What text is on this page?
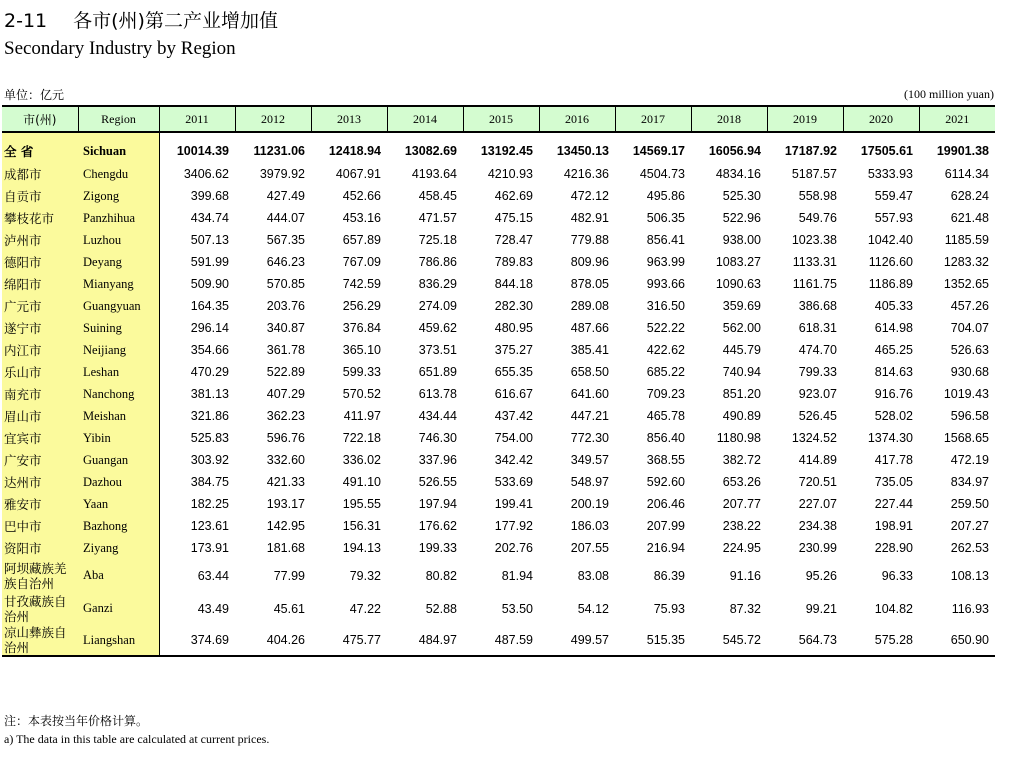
2-11 各市(州)第二产业增加值
Secondary Industry by Region
单位：亿元	(100 million yuan)
市(州)	Region	2011	2012	2013	2014	2015	2016	2017	2018	2019	2020	2021

全 省	Sichuan	10014.39	11231.06	12418.94	13082.69	13192.45	13450.13	14569.17	16056.94	17187.92	17505.61	19901.38
成都市	Chengdu	3406.62	3979.92	4067.91	4193.64	4210.93	4216.36	4504.73	4834.16	5187.57	5333.93	6114.34
自贡市	Zigong	399.68	427.49	452.66	458.45	462.69	472.12	495.86	525.30	558.98	559.47	628.24
攀枝花市	Panzhihua	434.74	444.07	453.16	471.57	475.15	482.91	506.35	522.96	549.76	557.93	621.48
泸州市	Luzhou	507.13	567.35	657.89	725.18	728.47	779.88	856.41	938.00	1023.38	1042.40	1185.59
德阳市	Deyang	591.99	646.23	767.09	786.86	789.83	809.96	963.99	1083.27	1133.31	1126.60	1283.32
绵阳市	Mianyang	509.90	570.85	742.59	836.29	844.18	878.05	993.66	1090.63	1161.75	1186.89	1352.65
广元市	Guangyuan	164.35	203.76	256.29	274.09	282.30	289.08	316.50	359.69	386.68	405.33	457.26
遂宁市	Suining	296.14	340.87	376.84	459.62	480.95	487.66	522.22	562.00	618.31	614.98	704.07
内江市	Neijiang	354.66	361.78	365.10	373.51	375.27	385.41	422.62	445.79	474.70	465.25	526.63
乐山市	Leshan	470.29	522.89	599.33	651.89	655.35	658.50	685.22	740.94	799.33	814.63	930.68
南充市	Nanchong	381.13	407.29	570.52	613.78	616.67	641.60	709.23	851.20	923.07	916.76	1019.43
眉山市	Meishan	321.86	362.23	411.97	434.44	437.42	447.21	465.78	490.89	526.45	528.02	596.58
宜宾市	Yibin	525.83	596.76	722.18	746.30	754.00	772.30	856.40	1180.98	1324.52	1374.30	1568.65
广安市	Guangan	303.92	332.60	336.02	337.96	342.42	349.57	368.55	382.72	414.89	417.78	472.19
达州市	Dazhou	384.75	421.33	491.10	526.55	533.69	548.97	592.60	653.26	720.51	735.05	834.97
雅安市	Yaan	182.25	193.17	195.55	197.94	199.41	200.19	206.46	207.77	227.07	227.44	259.50
巴中市	Bazhong	123.61	142.95	156.31	176.62	177.92	186.03	207.99	238.22	234.38	198.91	207.27
资阳市	Ziyang	173.91	181.68	194.13	199.33	202.76	207.55	216.94	224.95	230.99	228.90	262.53
阿坝藏族羌族自治州	Aba	63.44	77.99	79.32	80.82	81.94	83.08	86.39	91.16	95.26	96.33	108.13
甘孜藏族自治州	Ganzi	43.49	45.61	47.22	52.88	53.50	54.12	75.93	87.32	99.21	104.82	116.93
凉山彝族自治州	Liangshan	374.69	404.26	475.77	484.97	487.59	499.57	515.35	545.72	564.73	575.28	650.90
注：本表按当年价格计算。
a) The data in this table are calculated at current prices.
